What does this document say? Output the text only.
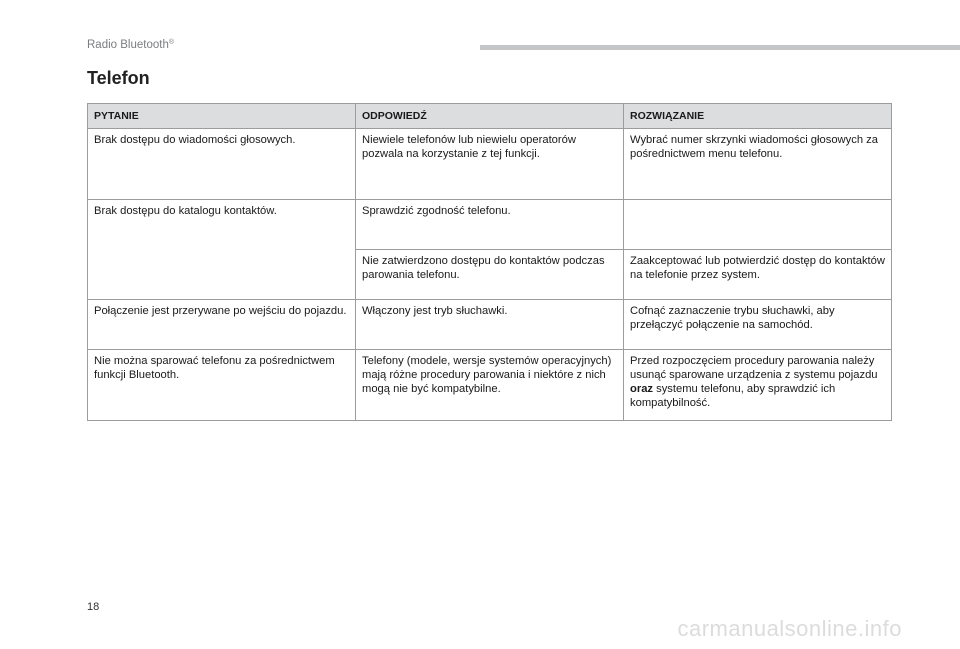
Radio Bluetooth®
Telefon
PYTANIE	ODPOWIEDŹ	ROZWIĄZANIE
Brak dostępu do wiadomości głosowych.	Niewiele telefonów lub niewielu operatorów pozwala na korzystanie z tej funkcji.	Wybrać numer skrzynki wiadomości głosowych za pośrednictwem menu telefonu.
Brak dostępu do katalogu kontaktów.	Sprawdzić zgodność telefonu.	
	Nie zatwierdzono dostępu do kontaktów podczas parowania telefonu.	Zaakceptować lub potwierdzić dostęp do kontaktów na telefonie przez system.
Połączenie jest przerywane po wejściu do pojazdu.	Włączony jest tryb słuchawki.	Cofnąć zaznaczenie trybu słuchawki, aby przełączyć połączenie na samochód.
Nie można sparować telefonu za pośrednictwem funkcji Bluetooth.	Telefony (modele, wersje systemów operacyjnych) mają różne procedury parowania i niektóre z nich mogą nie być kompatybilne.	Przed rozpoczęciem procedury parowania należy usunąć sparowane urządzenia z systemu pojazdu oraz systemu telefonu, aby sprawdzić ich kompatybilność.
18
carmanualsonline.info
